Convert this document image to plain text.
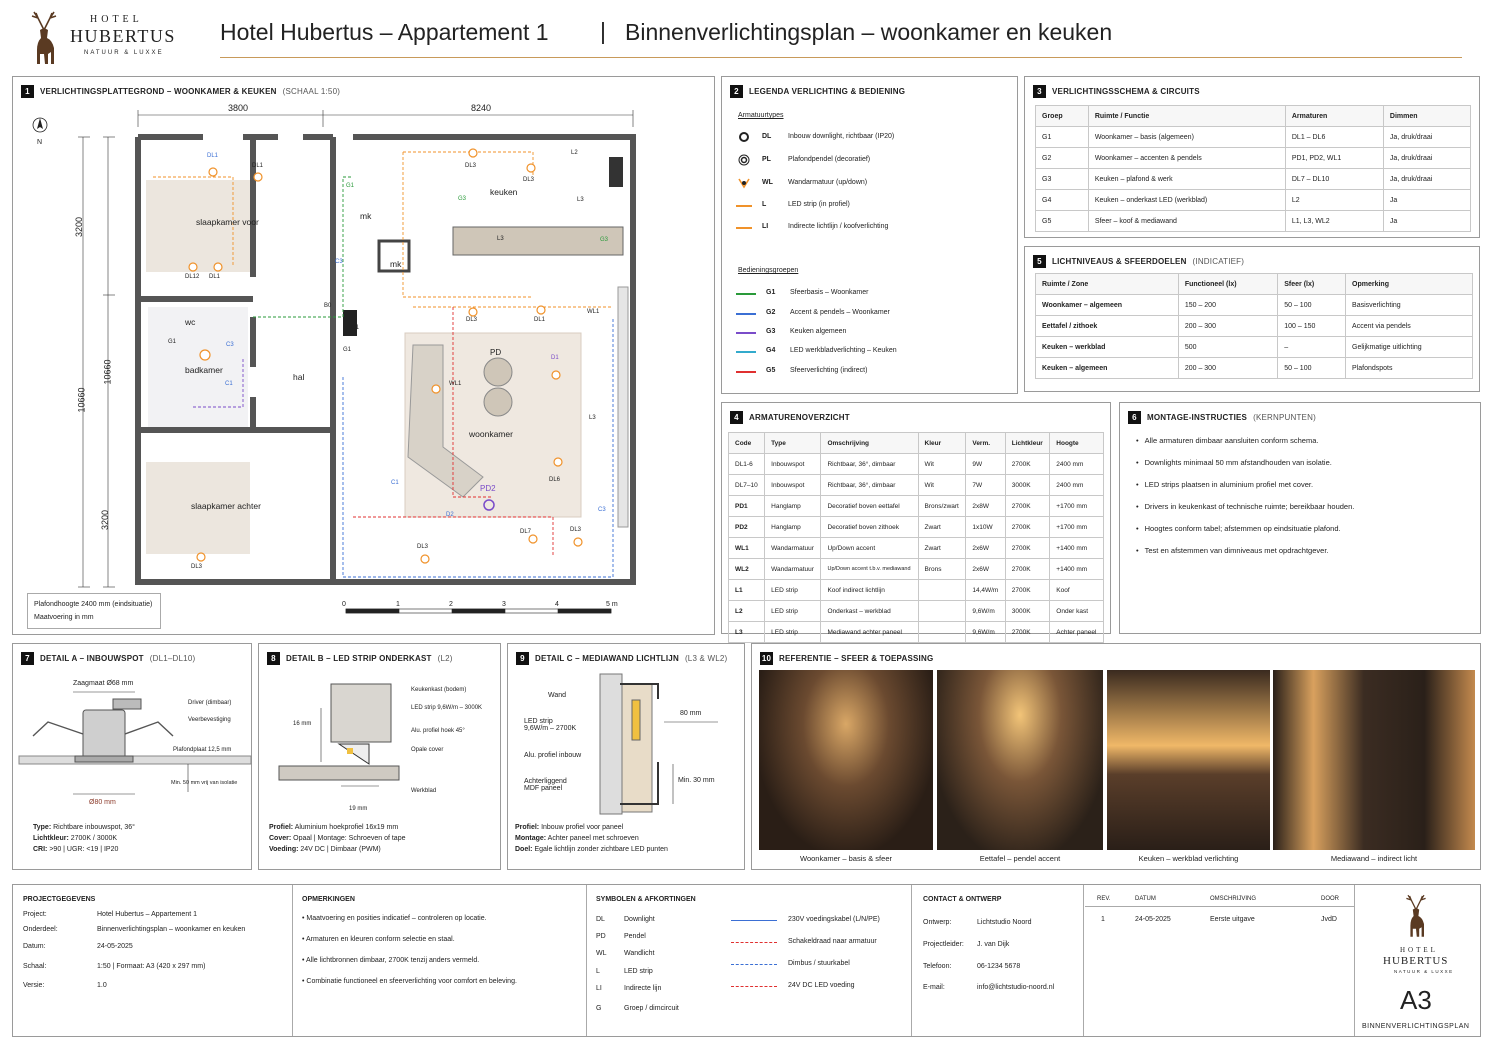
HOTEL
HUBERTUS
NATUUR & LUXXE
Hotel Hubertus – Appartement 1 | Binnenverlichtingsplan – woonkamer en keuken
1	VERLICHTINGSPLATTEGROND – WOONKAMER & KEUKEN (SCHAAL 1:50)
N
3800	8240
3200
10660
3200
10660
slaapkamer voor
mk
mk
keuken
wc
badkamer
hal
woonkamer
slaapkamer achter
DL1
DL1
DL12 DL1
DL3
DL3
L2
L3
L3
G1
G3
G3
G1
C3
C3
C1
C1
B0
DL3	DL1
WL1
WL1
PD
D1
L3
DL6
PD2
D2
C3
DL7	DL3
DL3
DL3
G1
G1
Plafondhoogte 2400 mm (eindsituatie)
Maatvoering in mm
0	1	2	3	4	5 m
2	LEGENDA VERLICHTING & BEDIENING
Armatuurtypes
DL Inbouw downlight, richtbaar (IP20)
PL Plafondpendel (decoratief)
WL Wandarmatuur (up/down)
L	LED strip (in profiel)
LI	Indirecte lichtlijn / koofverlichting
Bedieningsgroepen
G1 Sfeerbasis – Woonkamer
G2 Accent & pendels – Woonkamer
G3 Keuken algemeen
G4 LED werkbladverlichting – Keuken
G5 Sfeerverlichting (indirect)
3	VERLICHTINGSSCHEMA & CIRCUITS
Groep	Ruimte / Functie	Armaturen	Dimmen
G1	Woonkamer – basis (algemeen)	DL1 – DL6	Ja, druk/draai
G2	Woonkamer – accenten & pendels	PD1, PD2, WL1	Ja, druk/draai
G3	Keuken – plafond & werk	DL7 – DL10	Ja, druk/draai
G4	Keuken – onderkast LED (werkblad)	L2	Ja
G5	Sfeer – koof & mediawand	L1, L3, WL2	Ja
5	LICHTNIVEAUS & SFEERDOELEN (INDICATIEF)
Ruimte / Zone	Functioneel (lx)	Sfeer (lx)	Opmerking
Woonkamer – algemeen	150 – 200	50 – 100	Basisverlichting
Eettafel / zithoek	200 – 300	100 – 150	Accent via pendels
Keuken – werkblad	500	–	Gelijkmatige uitlichting
Keuken – algemeen	200 – 300	50 – 100	Plafondspots
4	ARMATURENOVERZICHT
Code	Type	Omschrijving	Kleur	Verm.	Lichtkleur	Hoogte
DL1-6	Inbouwspot	Richtbaar, 36°, dimbaar	Wit	9W	2700K	2400 mm
DL7–10	Inbouwspot	Richtbaar, 36°, dimbaar	Wit	7W	3000K	2400 mm
PD1	Hanglamp	Decoratief boven eettafel	Brons/zwart	2x8W	2700K	+1700 mm
PD2	Hanglamp	Decoratief boven zithoek	Zwart	1x10W	2700K	+1700 mm
WL1	Wandarmatuur	Up/Down accent	Zwart	2x6W	2700K	+1400 mm
WL2	Wandarmatuur	Up/Down accent t.b.v. mediawand	Brons	2x6W	2700K	+1400 mm
L1	LED strip	Koof indirect lichtlijn		14,4W/m	2700K	Koof
L2	LED strip	Onderkast – werkblad		9,6W/m	3000K	Onder kast
L3	LED strip	Mediawand achter paneel		9,6W/m	2700K	Achter paneel
6	MONTAGE-INSTRUCTIES (KERNPUNTEN)
• Alle armaturen dimbaar aansluiten conform schema.
• Downlights minimaal 50 mm afstandhouden van isolatie.
• LED strips plaatsen in aluminium profiel met cover.
• Drivers in keukenkast of technische ruimte; bereikbaar houden.
• Hoogtes conform tabel; afstemmen op eindsituatie plafond.
• Test en afstemmen van dimniveaus met opdrachtgever.
7	DETAIL A – INBOUWSPOT (DL1–DL10)
Zaagmaat Ø68 mm
Driver (dimbaar)
Veerbevestiging
Plafondplaat 12,5 mm
Min. 50 mm vrij van isolatie
Ø80 mm
Type: Richtbare inbouwspot, 36°
Lichtkleur: 2700K / 3000K
CRI: >90 | UGR: <19 | IP20
8	DETAIL B – LED STRIP ONDERKAST (L2)
Keukenkast (bodem)
LED strip 9,6W/m – 3000K
Alu. profiel hoek 45°
Opale cover
Werkblad
16 mm
19 mm
Profiel: Aluminium hoekprofiel 16x19 mm
Cover: Opaal | Montage: Schroeven of tape
Voeding: 24V DC | Dimbaar (PWM)
9	DETAIL C – MEDIAWAND LICHTLIJN (L3 & WL2)
Wand
LED strip
9,6W/m – 2700K
Alu. profiel inbouw
Achterliggend
MDF paneel
80 mm
Min. 30 mm
Profiel: Inbouw profiel voor paneel
Montage: Achter paneel met schroeven
Doel: Egale lichtlijn zonder zichtbare LED punten
10 REFERENTIE – SFEER & TOEPASSING
Woonkamer – basis & sfeer	Eettafel – pendel accent	Keuken – werkblad verlichting	Mediawand – indirect licht
PROJECTGEGEVENS
Project:	Hotel Hubertus – Appartement 1
Onderdeel:	Binnenverlichtingsplan – woonkamer en keuken
Datum:	24-05-2025
Schaal:	1:50 | Formaat: A3 (420 x 297 mm)
Versie:	1.0
OPMERKINGEN
• Maatvoering en posities indicatief – controleren op locatie.
• Armaturen en kleuren conform selectie en staal.
• Alle lichtbronnen dimbaar, 2700K tenzij anders vermeld.
• Combinatie functioneel en sfeerverlichting voor comfort en beleving.
SYMBOLEN & AFKORTINGEN
DL	Downlight
PD	Pendel
WL	Wandlicht
L	LED strip
LI	Indirecte lijn
G	Groep / dimcircuit
230V voedingskabel (L/N/PE)
Schakeldraad naar armatuur
Dimbus / stuurkabel
24V DC LED voeding
CONTACT & ONTWERP
Ontwerp:	Lichtstudio Noord
Projectleider: J. van Dijk
Telefoon:	06-1234 5678
E-mail:	info@lichtstudio-noord.nl
REV.	DATUM	OMSCHRIJVING	DOOR
1	24-05-2025	Eerste uitgave	JvdD
HOTEL
HUBERTUS
NATUUR & LUXXE
A3
BINNENVERLICHTINGSPLAN
